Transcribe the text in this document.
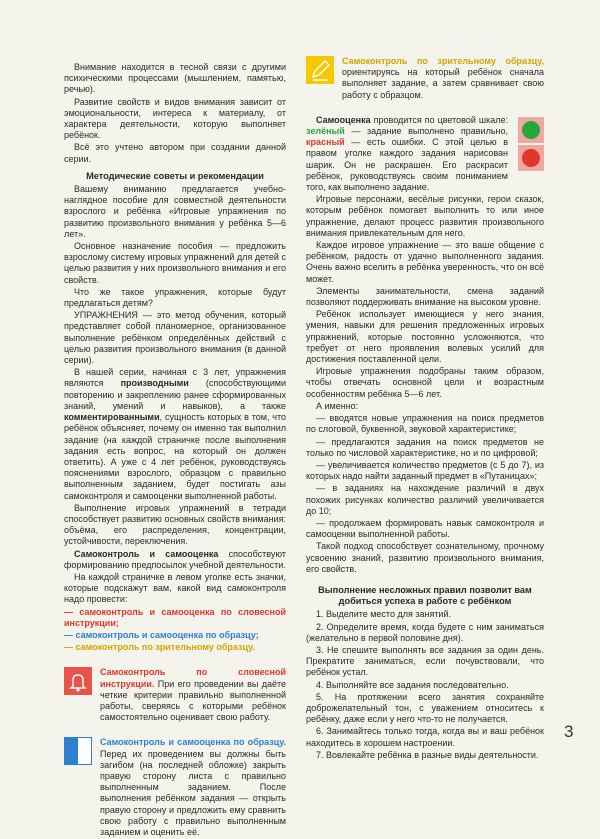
Внимание находится в тесной связи с другими психическими процессами (мышлением, памятью, речью).

Развитие свойств и видов внимания зависит от эмоциональности, интереса к материалу, от характера деятельности, которую выполняет ребёнок.

Всё это учтено автором при создании данной серии.

Методические советы и рекомендации

Вашему вниманию предлагается учебно-наглядное пособие для совместной деятельности взрослого и ребёнка «Игровые упражнения по развитию произвольного внимания у ребёнка 5—6 лет».

Основное назначение пособия — предложить взрослому систему игровых упражнений для детей с целью развития у них произвольного внимания и его свойств.

Что же такое упражнения, которые будут предлагаться детям?

УПРАЖНЕНИЯ — это метод обучения, который представляет собой планомерное, организованное выполнение ребёнком определённых действий с целью развития произвольного внимания (в данной серии).

В нашей серии, начиная с 3 лет, упражнения являются производными (способствующими повторению и закреплению ранее сформированных знаний, умений и навыков), а также комментированными, сущность которых в том, что ребёнок объясняет, почему он именно так выполнил задание (на каждой страничке после выполнения задания есть вопрос, на который он должен ответить). А уже с 4 лет ребёнок, руководствуясь пояснениями взрослого, образцом с правильно выполненным заданием, будет постигать азы самоконтроля и самооценки выполненной работы.

Выполнение игровых упражнений в тетради способствует развитию основных свойств внимания: объёма, его распределения, концентрации, устойчивости, переключения.

Самоконтроль и самооценка способствуют формированию предпосылок учебной деятельности.

На каждой страничке в левом уголке есть значки, которые подскажут вам, какой вид самоконтроля надо провести:

— самоконтроль и самооценка по словесной инструкции;

— самоконтроль и самооценка по образцу;

— самоконтроль по зрительному образцу.

Самоконтроль по словесной инструкции. При его проведении вы даёте четкие критерии правильно выполненной работы, сверяясь с которыми ребёнок самостоятельно оценивает свою работу.

Самоконтроль и самооценка по образцу. Перед их проведением вы должны быть загибом (на последней обложке) закрыть правую сторону листа с правильно выполненным заданием. После выполнения ребёнком задания — открыть правую сторону и предложить ему сравнить свою работу с правильно выполненным заданием и оценить её.

Самоконтроль по зрительному образцу, ориентируясь на который ребёнок сначала выполняет задание, а затем сравнивает свою работу с образцом.

Самооценка проводится по цветовой шкале: зелёный — задание выполнено правильно, красный — есть ошибки. С этой целью в правом уголке каждого задания нарисован шарик. Он не раскрашен. Его раскрасит ребёнок, руководствуясь своим пониманием того, как выполнено задание.

Игровые персонажи, весёлые рисунки, герои сказок, которым ребёнок помогает выполнить то или иное упражнение, делают процесс развития произвольного внимания привлекательным для него.

Каждое игровое упражнение — это ваше общение с ребёнком, радость от удачно выполненного задания. Очень важно вселить в ребёнка уверенность, что он всё может.

Элементы занимательности, смена заданий позволяют поддерживать внимание на высоком уровне.

Ребёнок использует имеющиеся у него знания, умения, навыки для решения предложенных игровых упражнений, которые постоянно усложняются, что требует от него проявления волевых усилий для достижения поставленной цели.

Игровые упражнения подобраны таким образом, чтобы отвечать основной цели и возрастным особенностям ребёнка 5—6 лет.

А именно:

— вводятся новые упражнения на поиск предметов по слоговой, буквенной, звуковой характеристике;

— предлагаются задания на поиск предметов не только по числовой характеристике, но и по цифровой;

— увеличивается количество предметов (с 5 до 7), из которых надо найти заданный предмет в «Путаницах»;

— в заданиях на нахождение различий в двух похожих рисунках количество различий увеличивается до 10;

— продолжаем формировать навык самоконтроля и самооценки выполненной работы.

Такой подход способствует сознательному, прочному усвоению знаний, развитию произвольного внимания, его свойств.

Выполнение несложных правил позволит вам добиться успеха в работе с ребёнком

1. Выделите место для занятий.

2. Определите время, когда будете с ним заниматься (желательно в первой половине дня).

3. Не спешите выполнять все задания за один день. Прекратите заниматься, если почувствовали, что ребёнок устал.

4. Выполняйте все задания последовательно.

5. На протяжении всего занятия сохраняйте доброжелательный тон, с уважением относитесь к ребёнку, даже если у него что-то не получается.

6. Занимайтесь только тогда, когда вы и ваш ребёнок находитесь в хорошем настроении.

7. Вовлекайте ребёнка в разные виды деятельности.

3
